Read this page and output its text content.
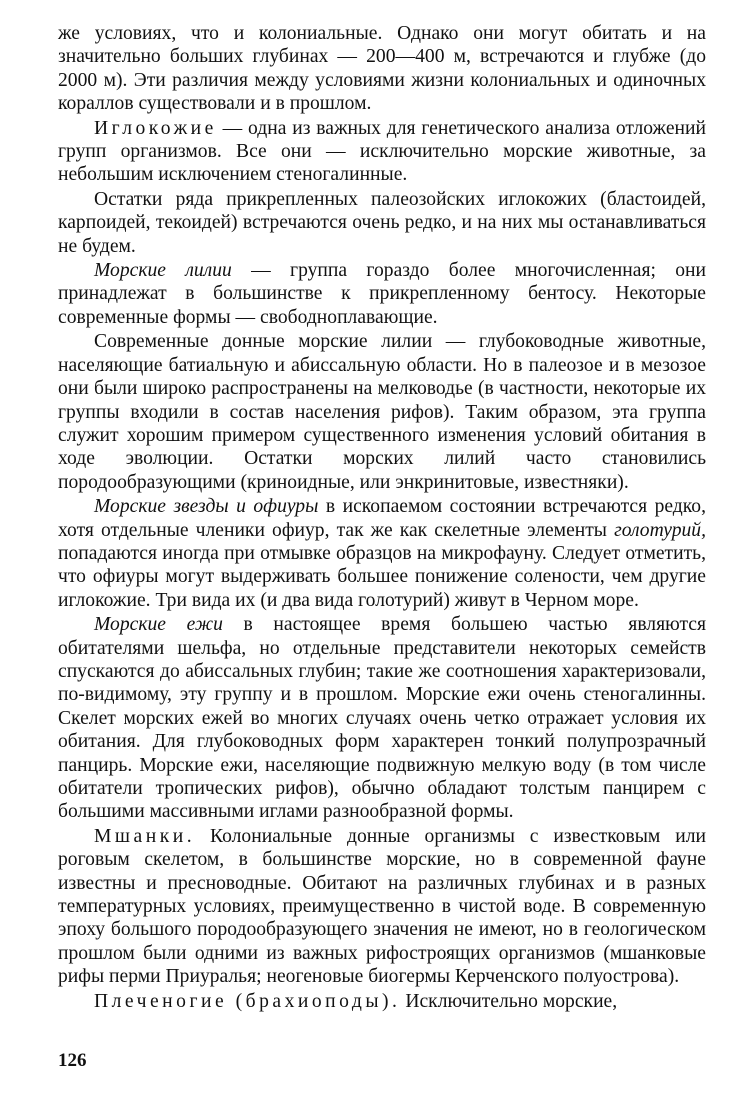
же условиях, что и колониальные. Однако они могут обитать и на значительно больших глубинах — 200—400 м, встречаются и глубже (до 2000 м). Эти различия между условиями жизни колониальных и одиночных кораллов существовали и в прошлом.

Иглокожие — одна из важных для генетического анализа отложений групп организмов. Все они — исключительно морские животные, за небольшим исключением стеногалинные.

Остатки ряда прикрепленных палеозойских иглокожих (бластоидей, карпоидей, текоидей) встречаются очень редко, и на них мы останавливаться не будем.

Морские лилии — группа гораздо более многочисленная; они принадлежат в большинстве к прикрепленному бентосу. Некоторые современные формы — свободноплавающие.

Современные донные морские лилии — глубоководные животные, населяющие батиальную и абиссальную области. Но в палеозое и в мезозое они были широко распространены на мелководье (в частности, некоторые их группы входили в состав населения рифов). Таким образом, эта группа служит хорошим примером существенного изменения условий обитания в ходе эволюции. Остатки морских лилий часто становились породообразующими (криноидные, или энкринитовые, известняки).

Морские звезды и офиуры в ископаемом состоянии встречаются редко, хотя отдельные членики офиур, так же как скелетные элементы голотурий, попадаются иногда при отмывке образцов на микрофауну. Следует отметить, что офиуры могут выдерживать большее понижение солености, чем другие иглокожие. Три вида их (и два вида голотурий) живут в Черном море.

Морские ежи в настоящее время большею частью являются обитателями шельфа, но отдельные представители некоторых семейств спускаются до абиссальных глубин; такие же соотношения характеризовали, по-видимому, эту группу и в прошлом. Морские ежи очень стеногалинны. Скелет морских ежей во многих случаях очень четко отражает условия их обитания. Для глубоководных форм характерен тонкий полупрозрачный панцирь. Морские ежи, населяющие подвижную мелкую воду (в том числе обитатели тропических рифов), обычно обладают толстым панцирем с большими массивными иглами разнообразной формы.

Мшанки. Колониальные донные организмы с известковым или роговым скелетом, в большинстве морские, но в современной фауне известны и пресноводные. Обитают на различных глубинах и в разных температурных условиях, преимущественно в чистой воде. В современную эпоху большого породообразующего значения не имеют, но в геологическом прошлом были одними из важных рифостроящих организмов (мшанковые рифы перми Приуралья; неогеновые биогермы Керченского полуострова).

Плеченогие (брахиоподы). Исключительно морские,

126
